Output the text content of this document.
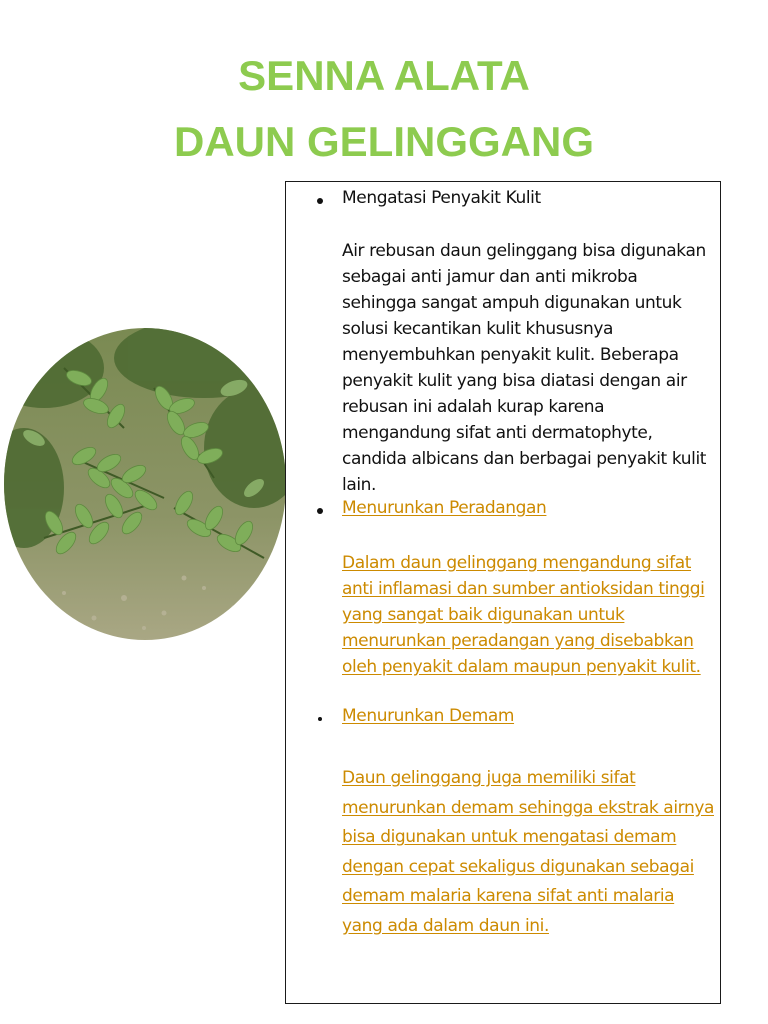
SENNA ALATA
DAUN GELINGGANG

Mengatasi Penyakit Kulit

Air rebusan daun gelinggang bisa digunakan sebagai anti jamur dan anti mikroba sehingga sangat ampuh digunakan untuk solusi kecantikan kulit khususnya menyembuhkan penyakit kulit. Beberapa penyakit kulit yang bisa diatasi dengan air rebusan ini adalah kurap karena mengandung sifat anti dermatophyte, candida albicans dan berbagai penyakit kulit lain.

Menurunkan Peradangan

Dalam daun gelinggang mengandung sifat anti inflamasi dan sumber antioksidan tinggi yang sangat baik digunakan untuk menurunkan peradangan yang disebabkan oleh penyakit dalam maupun penyakit kulit.

Menurunkan Demam

Daun gelinggang juga memiliki sifat menurunkan demam sehingga ekstrak airnya bisa digunakan untuk mengatasi demam dengan cepat sekaligus digunakan sebagai demam malaria karena sifat anti malaria yang ada dalam daun ini.
